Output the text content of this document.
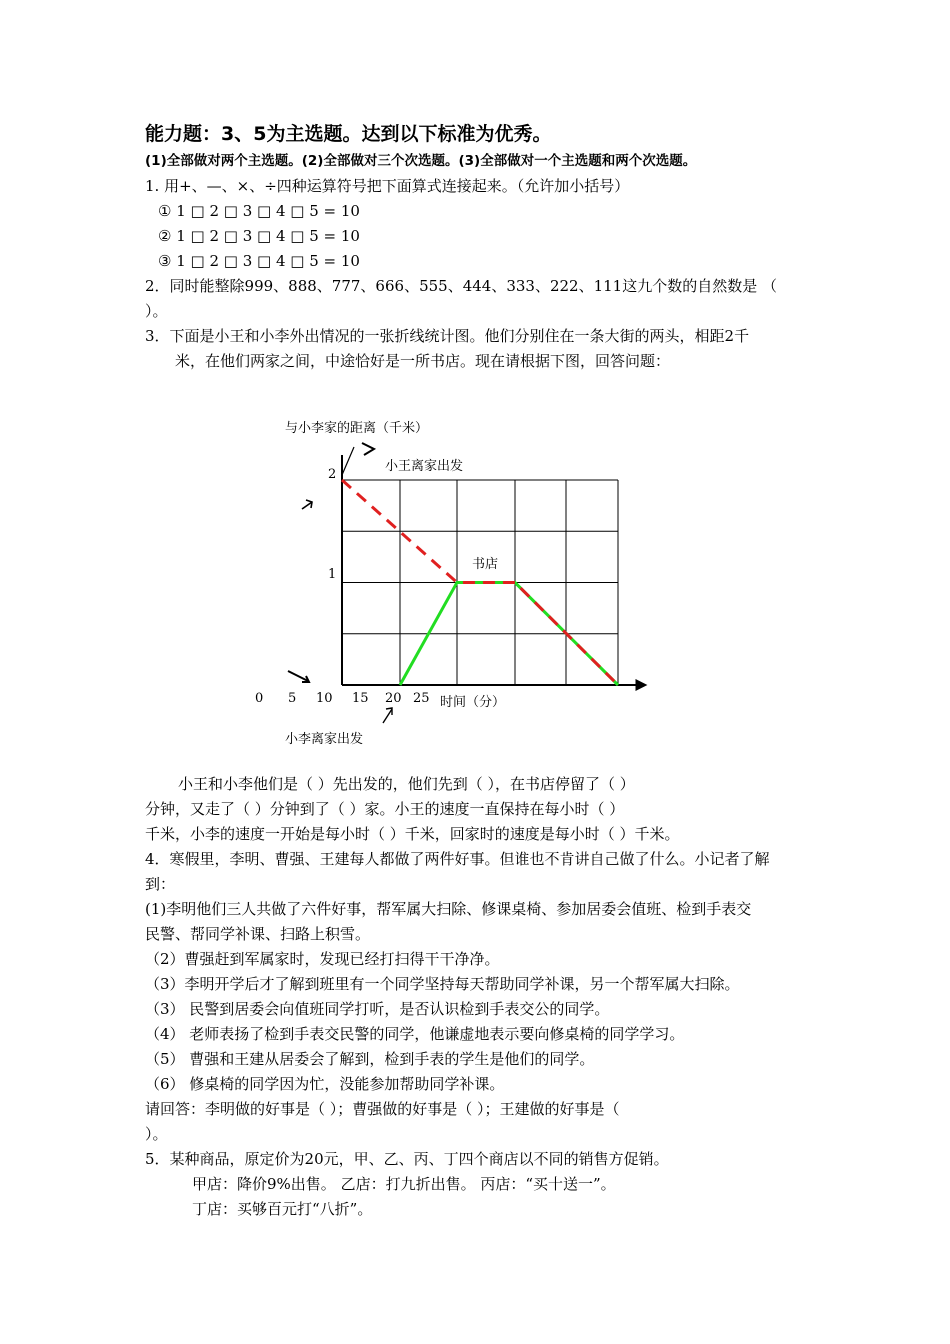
能力题：3、5为主选题。达到以下标准为优秀。
(1)全部做对两个主选题。(2)全部做对三个次选题。(3)全部做对一个主选题和两个次选题。
1. 用+、—、×、÷四种运算符号把下面算式连接起来。（允许加小括号）
① 1 □ 2 □ 3 □ 4 □ 5 = 10
② 1 □ 2 □ 3 □ 4 □ 5 = 10
③ 1 □ 2 □ 3 □ 4 □ 5 = 10
2．同时能整除999、888、777、666、555、444、333、222、111这九个数的自然数是 （
）。
3．下面是小王和小李外出情况的一张折线统计图。他们分别住在一条大街的两头，相距2千
米，在他们两家之间，中途恰好是一所书店。现在请根据下图，回答问题：
与小李家的距离（千米）
小王离家出发
书店
2
1
0 5 10 15 20 25 时间（分）
小李离家出发
小王和小李他们是（ ）先出发的，他们先到（ ），在书店停留了（ ）
分钟，又走了（ ）分钟到了（ ）家。小王的速度一直保持在每小时（ ）
千米，小李的速度一开始是每小时（ ）千米，回家时的速度是每小时（ ）千米。
4．寒假里，李明、曹强、王建每人都做了两件好事。但谁也不肯讲自己做了什么。小记者了解
到：
(1)李明他们三人共做了六件好事，帮军属大扫除、修课桌椅、参加居委会值班、检到手表交
民警、帮同学补课、扫路上积雪。
（2）曹强赶到军属家时，发现已经打扫得干干净净。
（3）李明开学后才了解到班里有一个同学坚持每天帮助同学补课，另一个帮军属大扫除。
（3） 民警到居委会向值班同学打听，是否认识检到手表交公的同学。
（4） 老师表扬了检到手表交民警的同学，他谦虚地表示要向修桌椅的同学学习。
（5） 曹强和王建从居委会了解到，检到手表的学生是他们的同学。
（6） 修桌椅的同学因为忙，没能参加帮助同学补课。
请回答：李明做的好事是（ ）；曹强做的好事是（ ）；王建做的好事是（
）。
5．某种商品，原定价为20元，甲、乙、丙、丁四个商店以不同的销售方促销。
甲店：降价9%出售。 乙店：打九折出售。 丙店：“买十送一”。
丁店：买够百元打“八折”。
